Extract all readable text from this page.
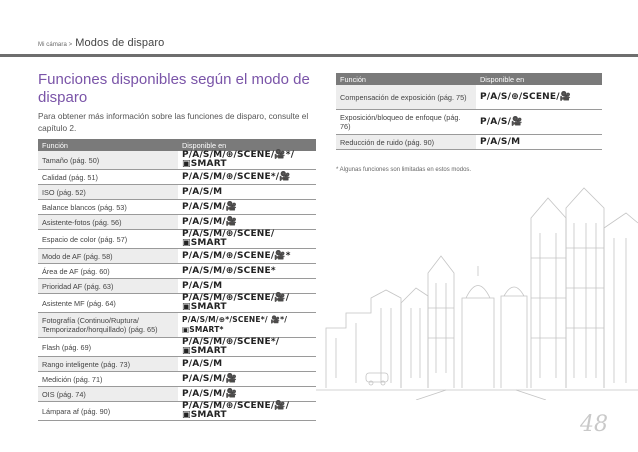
Mi cámara > Modos de disparo
Funciones disponibles según el modo de disparo
Para obtener más información sobre las funciones de disparo, consulte el capítulo 2.
Función	Disponible en
Tamaño (pág. 50)	P/A/S/M/⊕/SCENE/🎥*/▣SMART
Calidad (pág. 51)	P/A/S/M/⊕/SCENE*/🎥
ISO (pág. 52)	P/A/S/M
Balance blancos (pág. 53)	P/A/S/M/🎥
Asistente-fotos (pág. 56)	P/A/S/M/🎥
Espacio de color (pág. 57)	P/A/S/M/⊕/SCENE/▣SMART
Modo de AF (pág. 58)	P/A/S/M/⊕/SCENE/🎥*
Área de AF (pág. 60)	P/A/S/M/⊕/SCENE*
Prioridad AF (pág. 63)	P/A/S/M
Asistente MF (pág. 64)	P/A/S/M/⊕/SCENE/🎥/▣SMART
Fotografía (Continuo/Ruptura/ Temporizador/horquillado) (pág. 65)	P/A/S/M/⊕*/SCENE*/ 🎥*/▣SMART*
Flash (pág. 69)	P/A/S/M/⊕/SCENE*/▣SMART
Rango inteligente (pág. 73)	P/A/S/M
Medición (pág. 71)	P/A/S/M/🎥
OIS (pág. 74)	P/A/S/M/🎥
Lámpara af (pág. 90)	P/A/S/M/⊕/SCENE/🎥/▣SMART
Función	Disponible en
Compensación de exposición (pág. 75)	P/A/S/⊕/SCENE/🎥
Exposición/bloqueo de enfoque (pág. 76)	P/A/S/🎥
Reducción de ruido (pág. 90)	P/A/S/M
* Algunas funciones son limitadas en estos modos.
48
